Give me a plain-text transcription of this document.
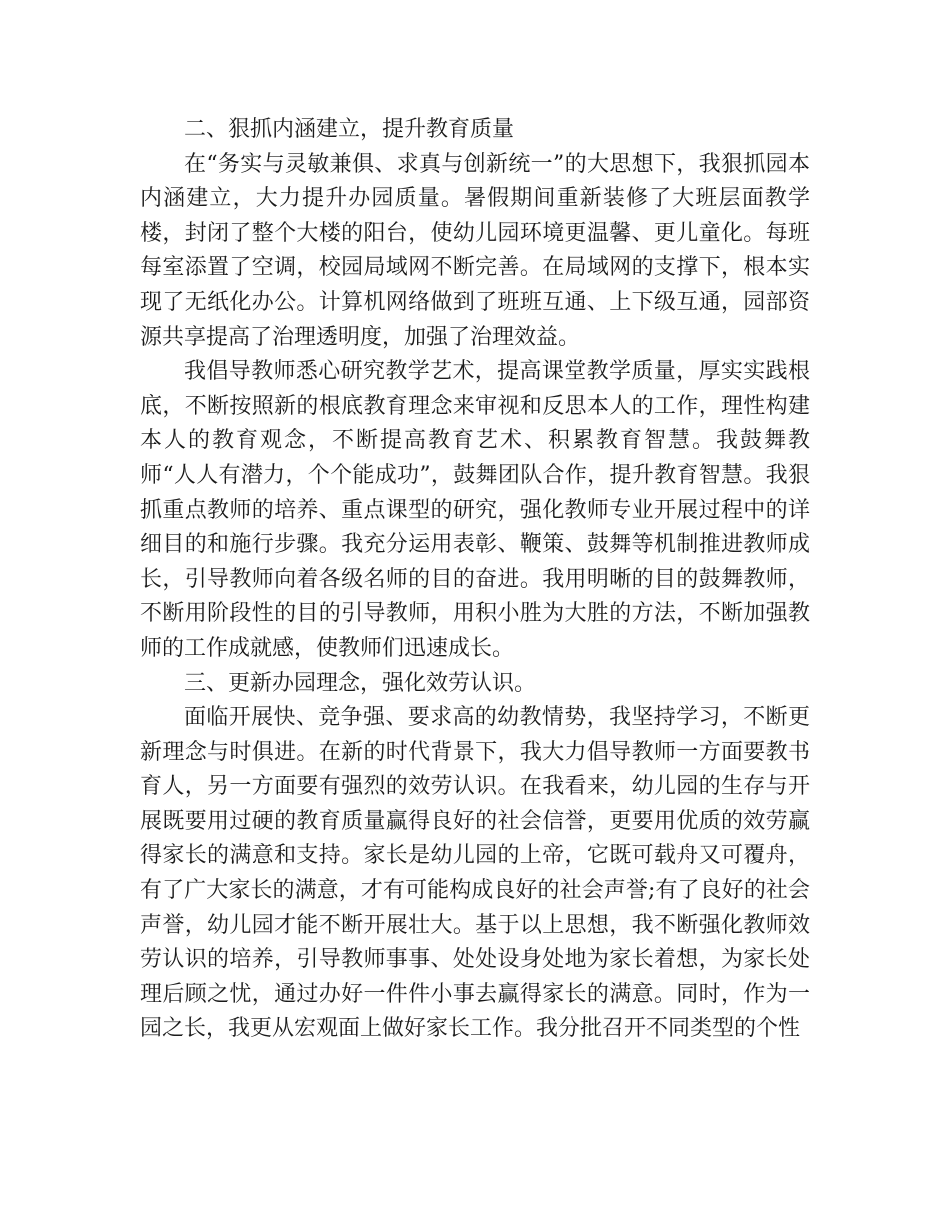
二、狠抓内涵建立，提升教育质量

在“务实与灵敏兼俱、求真与创新统一”的大思想下，我狠抓园本内涵建立，大力提升办园质量。暑假期间重新装修了大班层面教学楼，封闭了整个大楼的阳台，使幼儿园环境更温馨、更儿童化。每班每室添置了空调，校园局域网不断完善。在局域网的支撑下，根本实现了无纸化办公。计算机网络做到了班班互通、上下级互通，园部资源共享提高了治理透明度，加强了治理效益。

我倡导教师悉心研究教学艺术，提高课堂教学质量，厚实实践根底，不断按照新的根底教育理念来审视和反思本人的工作，理性构建本人的教育观念，不断提高教育艺术、积累教育智慧。我鼓舞教师“人人有潜力，个个能成功”，鼓舞团队合作，提升教育智慧。我狠抓重点教师的培养、重点课型的研究，强化教师专业开展过程中的详细目的和施行步骤。我充分运用表彰、鞭策、鼓舞等机制推进教师成长，引导教师向着各级名师的目的奋进。我用明晰的目的鼓舞教师，不断用阶段性的目的引导教师，用积小胜为大胜的方法，不断加强教师的工作成就感，使教师们迅速成长。

三、更新办园理念，强化效劳认识。

面临开展快、竞争强、要求高的幼教情势，我坚持学习，不断更新理念与时俱进。在新的时代背景下，我大力倡导教师一方面要教书育人，另一方面要有强烈的效劳认识。在我看来，幼儿园的生存与开展既要用过硬的教育质量赢得良好的社会信誉，更要用优质的效劳赢得家长的满意和支持。家长是幼儿园的上帝，它既可载舟又可覆舟，有了广大家长的满意，才有可能构成良好的社会声誉;有了良好的社会声誉，幼儿园才能不断开展壮大。基于以上思想，我不断强化教师效劳认识的培养，引导教师事事、处处设身处地为家长着想，为家长处理后顾之忧，通过办好一件件小事去赢得家长的满意。同时，作为一园之长，我更从宏观面上做好家长工作。我分批召开不同类型的个性
